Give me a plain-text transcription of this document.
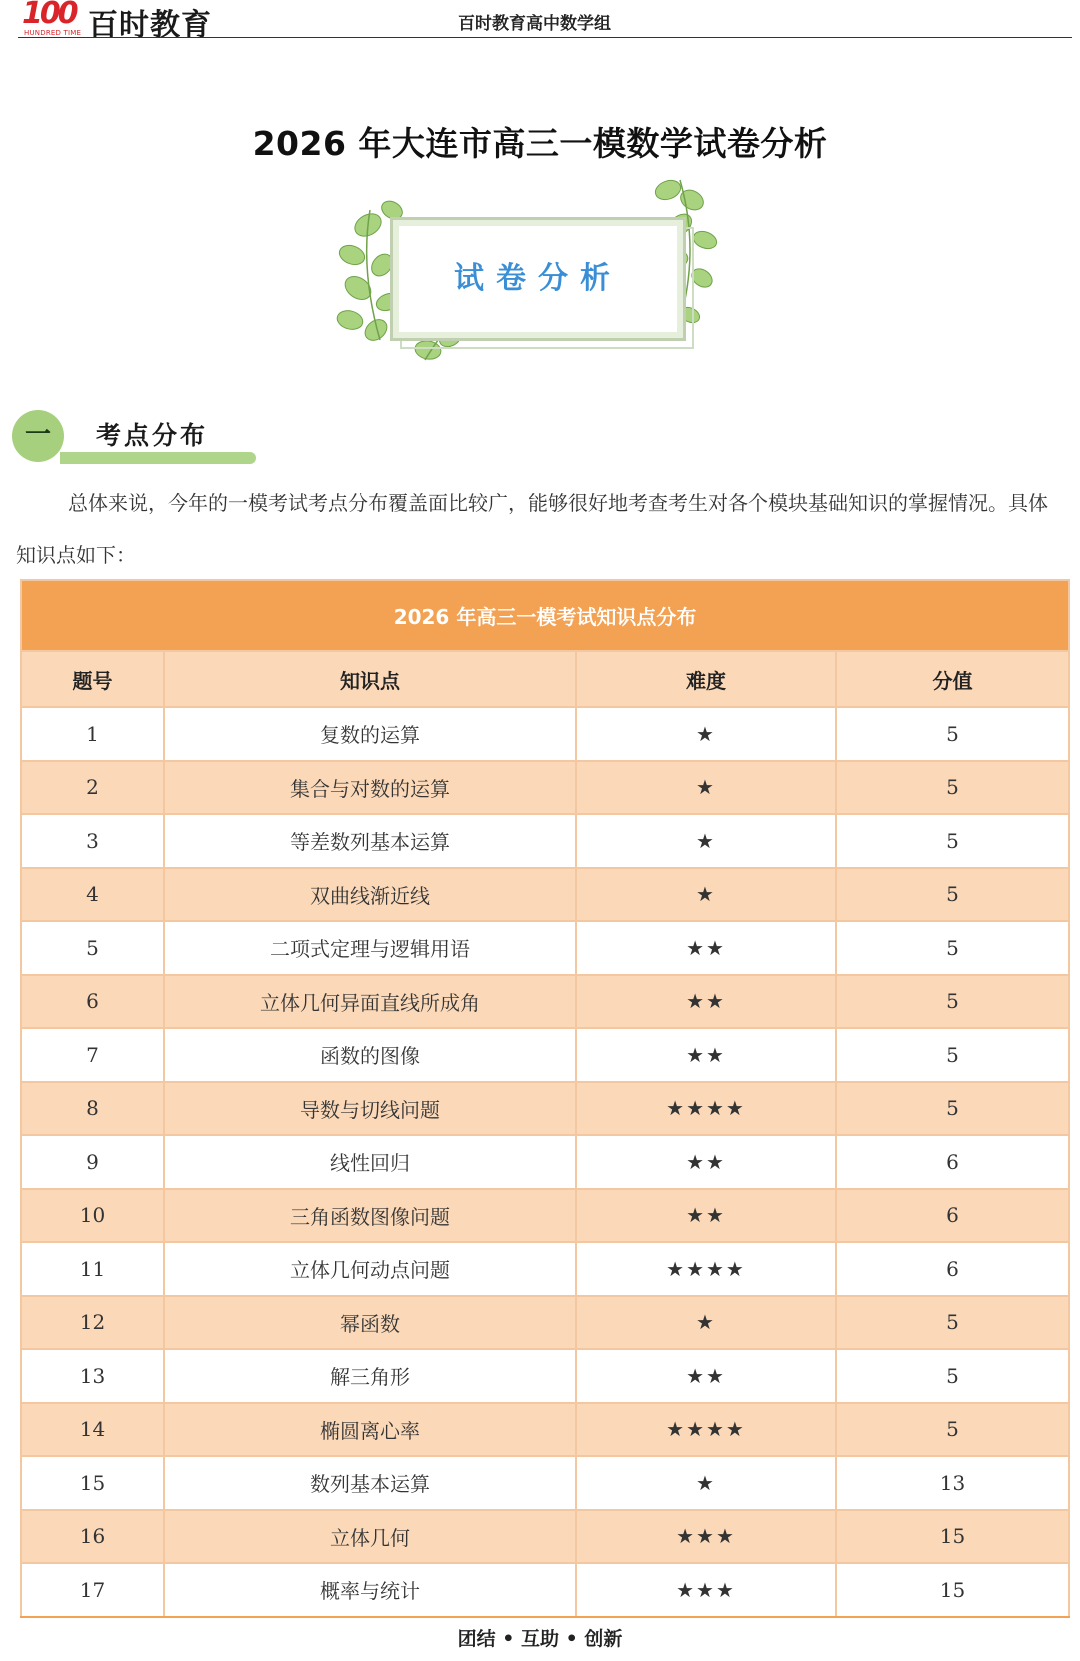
100
HUNDRED TIME 百时教育	百时教育高中数学组
2026 年大连市高三一模数学试卷分析
试卷分析
一	考点分布

总体来说，今年的一模考试考点分布覆盖面比较广，能够很好地考查考生对各个模块基础知识的掌握情况。具体知识点如下：

2026 年高三一模考试知识点分布			
题号	知识点	难度	分值
1	复数的运算	★	5
2	集合与对数的运算	★	5
3	等差数列基本运算	★	5
4	双曲线渐近线	★	5
5	二项式定理与逻辑用语	★★	5
6	立体几何异面直线所成角	★★	5
7	函数的图像	★★	5
8	导数与切线问题	★★★★	5
9	线性回归	★★	6
10	三角函数图像问题	★★	6
11	立体几何动点问题	★★★★	6
12	幂函数	★	5
13	解三角形	★★	5
14	椭圆离心率	★★★★	5
15	数列基本运算	★	13
16	立体几何	★★★	15
17	概率与统计	★★★	15
团结 • 互助 • 创新
